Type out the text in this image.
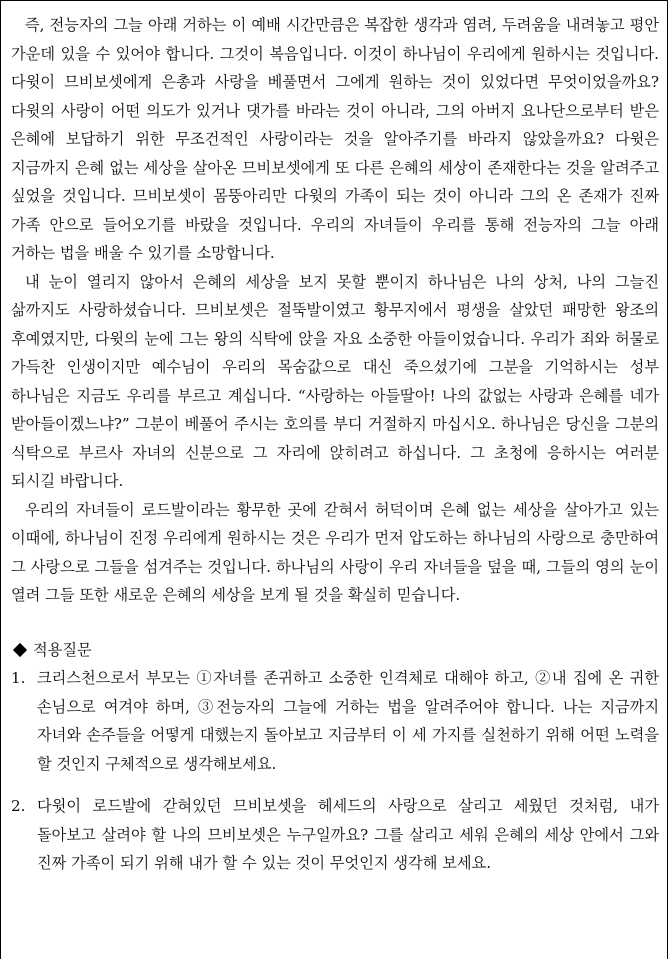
즉, 전능자의 그늘 아래 거하는 이 예배 시간만큼은 복잡한 생각과 염려, 두려움을 내려놓고 평안 가운데 있을 수 있어야 합니다. 그것이 복음입니다. 이것이 하나님이 우리에게 원하시는 것입니다. 다윗이 므비보셋에게 은총과 사랑을 베풀면서 그에게 원하는 것이 있었다면 무엇이었을까요? 다윗의 사랑이 어떤 의도가 있거나 댓가를 바라는 것이 아니라, 그의 아버지 요나단으로부터 받은 은혜에 보답하기 위한 무조건적인 사랑이라는 것을 알아주기를 바라지 않았을까요? 다윗은 지금까지 은혜 없는 세상을 살아온 므비보셋에게 또 다른 은혜의 세상이 존재한다는 것을 알려주고 싶었을 것입니다. 므비보셋이 몸뚱아리만 다윗의 가족이 되는 것이 아니라 그의 온 존재가 진짜 가족 안으로 들어오기를 바랐을 것입니다. 우리의 자녀들이 우리를 통해 전능자의 그늘 아래 거하는 법을 배울 수 있기를 소망합니다.

내 눈이 열리지 않아서 은혜의 세상을 보지 못할 뿐이지 하나님은 나의 상처, 나의 그늘진 삶까지도 사랑하셨습니다. 므비보셋은 절뚝발이였고 황무지에서 평생을 살았던 패망한 왕조의 후예였지만, 다윗의 눈에 그는 왕의 식탁에 앉을 자요 소중한 아들이었습니다. 우리가 죄와 허물로 가득찬 인생이지만 예수님이 우리의 목숨값으로 대신 죽으셨기에 그분을 기억하시는 성부 하나님은 지금도 우리를 부르고 계십니다. “사랑하는 아들딸아! 나의 값없는 사랑과 은혜를 네가 받아들이겠느냐?” 그분이 베풀어 주시는 호의를 부디 거절하지 마십시오. 하나님은 당신을 그분의 식탁으로 부르사 자녀의 신분으로 그 자리에 앉히려고 하십니다. 그 초청에 응하시는 여러분 되시길 바랍니다.

우리의 자녀들이 로드발이라는 황무한 곳에 갇혀서 허덕이며 은혜 없는 세상을 살아가고 있는 이때에, 하나님이 진정 우리에게 원하시는 것은 우리가 먼저 압도하는 하나님의 사랑으로 충만하여 그 사랑으로 그들을 섬겨주는 것입니다. 하나님의 사랑이 우리 자녀들을 덮을 때, 그들의 영의 눈이 열려 그들 또한 새로운 은혜의 세상을 보게 될 것을 확실히 믿습니다.

적용질문

1. 크리스천으로서 부모는 ①자녀를 존귀하고 소중한 인격체로 대해야 하고, ②내 집에 온 귀한 손님으로 여겨야 하며, ③전능자의 그늘에 거하는 법을 알려주어야 합니다. 나는 지금까지 자녀와 손주들을 어떻게 대했는지 돌아보고 지금부터 이 세 가지를 실천하기 위해 어떤 노력을 할 것인지 구체적으로 생각해보세요.
2. 다윗이 로드발에 갇혀있던 므비보셋을 헤세드의 사랑으로 살리고 세웠던 것처럼, 내가 돌아보고 살려야 할 나의 므비보셋은 누구일까요? 그를 살리고 세워 은혜의 세상 안에서 그와 진짜 가족이 되기 위해 내가 할 수 있는 것이 무엇인지 생각해 보세요.
